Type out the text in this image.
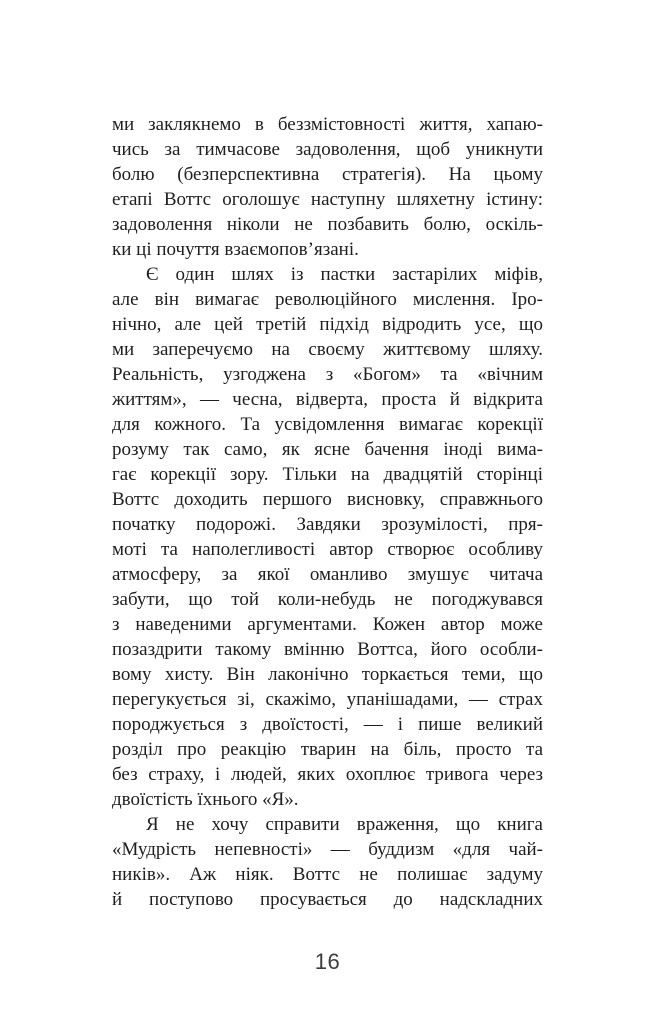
ми заклякнемо в беззмістовності життя, хапаю-
чись за тимчасове задоволення, щоб уникнути
болю (безперспективна стратегія). На цьому
етапі Воттс оголошує наступну шляхетну істину:
задоволення ніколи не позбавить болю, оскіль-
ки ці почуття взаємопов’язані.
Є один шлях із пастки застарілих міфів,
але він вимагає революційного мислення. Іро-
нічно, але цей третій підхід відродить усе, що
ми заперечуємо на своєму життєвому шляху.
Реальність, узгоджена з «Богом» та «вічним
життям», — чесна, відверта, проста й відкрита
для кожного. Та усвідомлення вимагає корекції
розуму так само, як ясне бачення іноді вима-
гає корекції зору. Тільки на двадцятій сторінці
Воттс доходить першого висновку, справжнього
початку подорожі. Завдяки зрозумілості, пря-
моті та наполегливості автор створює особливу
атмосферу, за якої оманливо змушує читача
забути, що той коли-небудь не погоджувався
з наведеними аргументами. Кожен автор може
позаздрити такому вмінню Воттса, його особли-
вому хисту. Він лаконічно торкається теми, що
перегукується зі, скажімо, упанішадами, — страх
породжується з двоїстості, — і пише великий
розділ про реакцію тварин на біль, просто та
без страху, і людей, яких охоплює тривога через
двоїстість їхнього «Я».
Я не хочу справити враження, що книга
«Мудрість непевності» — буддизм «для чай-
ників». Аж ніяк. Воттс не полишає задуму
й поступово просувається до надскладних
16
